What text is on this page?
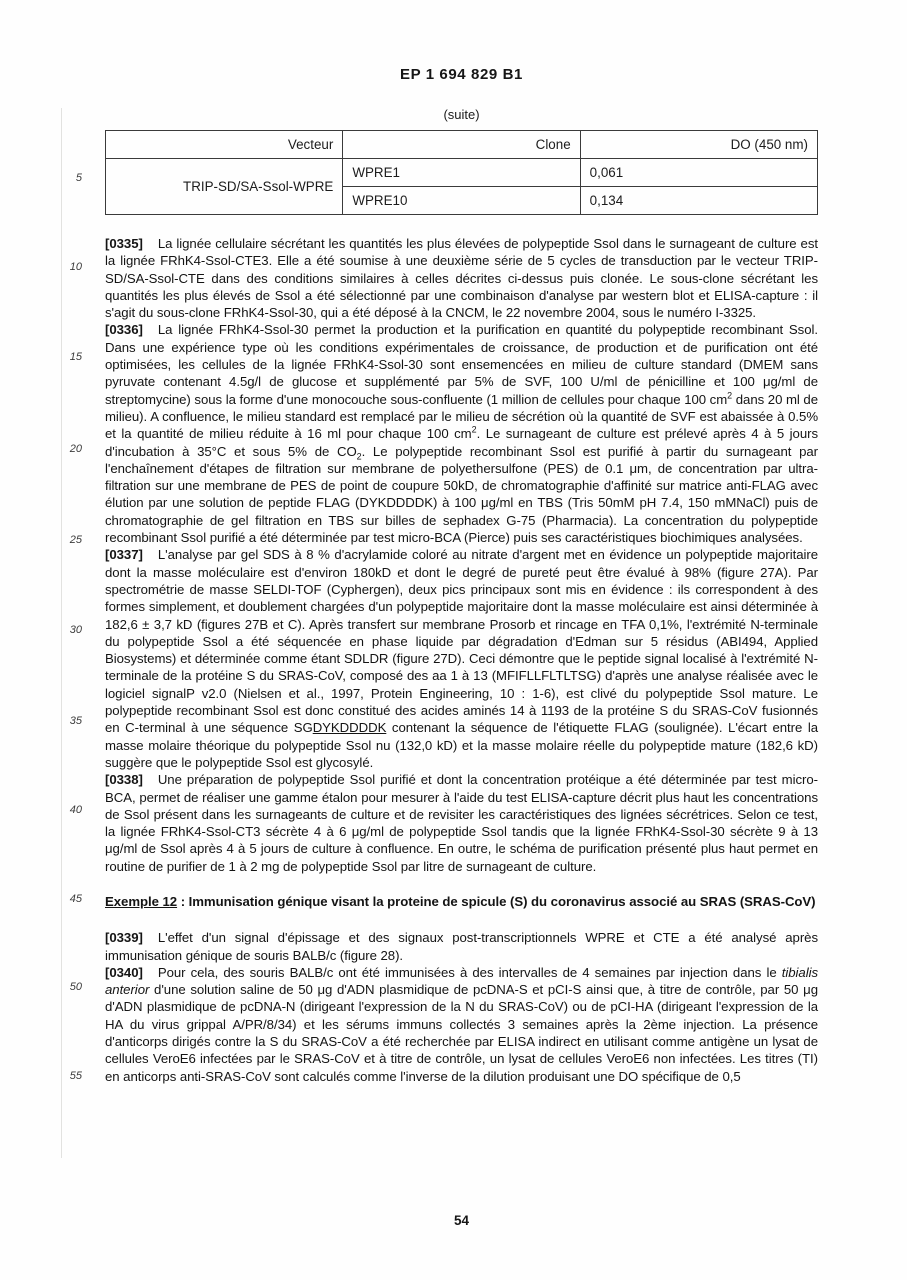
EP 1 694 829 B1
5
10
15
20
25
30
35
40
45
50
55
(suite)
Vecteur	Clone	DO (450 nm)
TRIP-SD/SA-Ssol-WPRE	WPRE1	0,061
	WPRE10	0,134

[0335] La lignée cellulaire sécrétant les quantités les plus élevées de polypeptide Ssol dans le surnageant de culture est la lignée FRhK4-Ssol-CTE3. Elle a été soumise à une deuxième série de 5 cycles de transduction par le vecteur TRIP-SD/SA-Ssol-CTE dans des conditions similaires à celles décrites ci-dessus puis clonée. Le sous-clone sécrétant les quantités les plus élevés de Ssol a été sélectionné par une combinaison d'analyse par western blot et ELISA-capture : il s'agit du sous-clone FRhK4-Ssol-30, qui a été déposé à la CNCM, le 22 novembre 2004, sous le numéro I-3325.

[0336] La lignée FRhK4-Ssol-30 permet la production et la purification en quantité du polypeptide recombinant Ssol. Dans une expérience type où les conditions expérimentales de croissance, de production et de purification ont été optimisées, les cellules de la lignée FRhK4-Ssol-30 sont ensemencées en milieu de culture standard (DMEM sans pyruvate contenant 4.5g/l de glucose et supplémenté par 5% de SVF, 100 U/ml de pénicilline et 100 μg/ml de streptomycine) sous la forme d'une monocouche sous-confluente (1 million de cellules pour chaque 100 $cm^2$ dans 20 ml de milieu). A confluence, le milieu standard est remplacé par le milieu de sécrétion où la quantité de SVF est abaissée à 0.5% et la quantité de milieu réduite à 16 ml pour chaque 100 $cm^2$. Le surnageant de culture est prélevé après 4 à 5 jours d'incubation à 35°C et sous 5% de $CO_2$. Le polypeptide recombinant Ssol est purifié à partir du surnageant par l'enchaînement d'étapes de filtration sur membrane de polyethersulfone (PES) de 0.1 μm, de concentration par ultra-filtration sur une membrane de PES de point de coupure 50kD, de chromatographie d'affinité sur matrice anti-FLAG avec élution par une solution de peptide FLAG (DYKDDDDK) à 100 μg/ml en TBS (Tris 50mM pH 7.4, 150 mMNaCl) puis de chromatographie de gel filtration en TBS sur billes de sephadex G-75 (Pharmacia). La concentration du polypeptide recombinant Ssol purifié a été déterminée par test micro-BCA (Pierce) puis ses caractéristiques biochimiques analysées.

[0337] L'analyse par gel SDS à 8 % d'acrylamide coloré au nitrate d'argent met en évidence un polypeptide majoritaire dont la masse moléculaire est d'environ 180kD et dont le degré de pureté peut être évalué à 98% (figure 27A). Par spectrométrie de masse SELDI-TOF (Cyphergen), deux pics principaux sont mis en évidence : ils correspondent à des formes simplement, et doublement chargées d'un polypeptide majoritaire dont la masse moléculaire est ainsi déterminée à 182,6 ± 3,7 kD (figures 27B et C). Après transfert sur membrane Prosorb et rincage en TFA 0,1%, l'extrémité N-terminale du polypeptide Ssol a été séquencée en phase liquide par dégradation d'Edman sur 5 résidus (ABI494, Applied Biosystems) et déterminée comme étant SDLDR (figure 27D). Ceci démontre que le peptide signal localisé à l'extrémité N-terminale de la protéine S du SRAS-CoV, composé des aa 1 à 13 (MFIFLLFLTLTSG) d'après une analyse réalisée avec le logiciel signalP v2.0 (Nielsen et al., 1997, Protein Engineering, 10 : 1-6), est clivé du polypeptide Ssol mature. Le polypeptide recombinant Ssol est donc constitué des acides aminés 14 à 1193 de la protéine S du SRAS-CoV fusionnés en C-terminal à une séquence SGDYKDDDDK contenant la séquence de l'étiquette FLAG (soulignée). L'écart entre la masse molaire théorique du polypeptide Ssol nu (132,0 kD) et la masse molaire réelle du polypeptide mature (182,6 kD) suggère que le polypeptide Ssol est glycosylé.

[0338] Une préparation de polypeptide Ssol purifié et dont la concentration protéique a été déterminée par test micro-BCA, permet de réaliser une gamme étalon pour mesurer à l'aide du test ELISA-capture décrit plus haut les concentrations de Ssol présent dans les surnageants de culture et de revisiter les caractéristiques des lignées sécrétrices. Selon ce test, la lignée FRhK4-Ssol-CT3 sécrète 4 à 6 μg/ml de polypeptide Ssol tandis que la lignée FRhK4-Ssol-30 sécrète 9 à 13 μg/ml de Ssol après 4 à 5 jours de culture à confluence. En outre, le schéma de purification présenté plus haut permet en routine de purifier de 1 à 2 mg de polypeptide Ssol par litre de surnageant de culture.

Exemple 12 : Immunisation génique visant la proteine de spicule (S) du coronavirus associé au SRAS (SRAS-CoV)

[0339] L'effet d'un signal d'épissage et des signaux post-transcriptionnels WPRE et CTE a été analysé après immunisation génique de souris BALB/c (figure 28).

[0340] Pour cela, des souris BALB/c ont été immunisées à des intervalles de 4 semaines par injection dans le tibialis anterior d'une solution saline de 50 μg d'ADN plasmidique de pcDNA-S et pCI-S ainsi que, à titre de contrôle, par 50 μg d'ADN plasmidique de pcDNA-N (dirigeant l'expression de la N du SRAS-CoV) ou de pCI-HA (dirigeant l'expression de la HA du virus grippal A/PR/8/34) et les sérums immuns collectés 3 semaines après la 2ème injection. La présence d'anticorps dirigés contre la S du SRAS-CoV a été recherchée par ELISA indirect en utilisant comme antigène un lysat de cellules VeroE6 infectées par le SRAS-CoV et à titre de contrôle, un lysat de cellules VeroE6 non infectées. Les titres (TI) en anticorps anti-SRAS-CoV sont calculés comme l'inverse de la dilution produisant une DO spécifique de 0,5

54
